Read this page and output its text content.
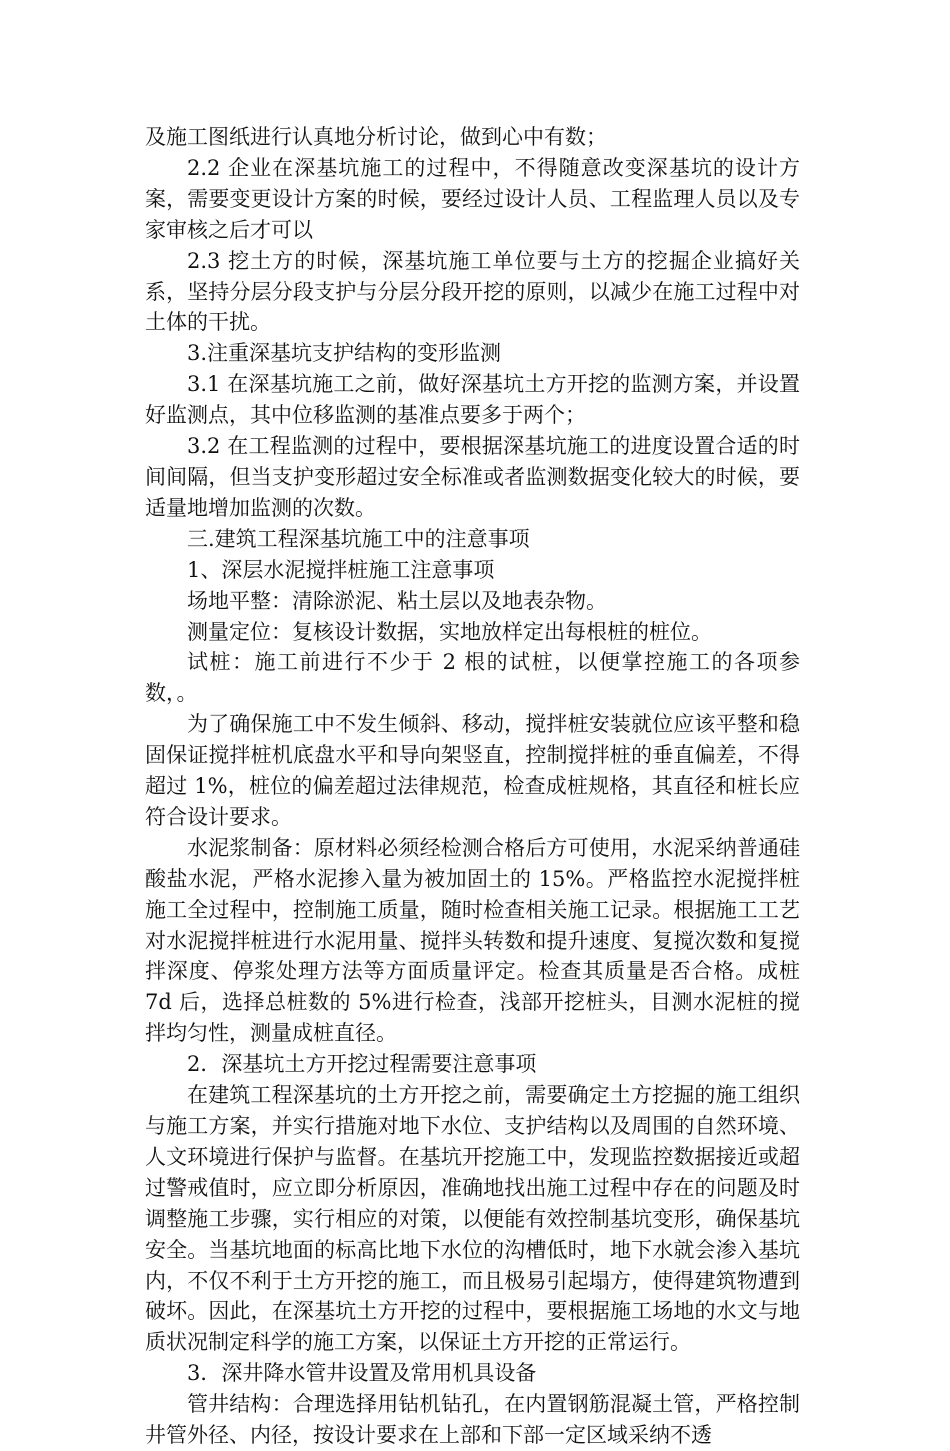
及施工图纸进行认真地分析讨论，做到心中有数；

2.2 企业在深基坑施工的过程中，不得随意改变深基坑的设计方案，需要变更设计方案的时候，要经过设计人员、工程监理人员以及专家审核之后才可以

2.3 挖土方的时候，深基坑施工单位要与土方的挖掘企业搞好关系，坚持分层分段支护与分层分段开挖的原则，以减少在施工过程中对土体的干扰。

3.注重深基坑支护结构的变形监测

3.1 在深基坑施工之前，做好深基坑土方开挖的监测方案，并设置好监测点，其中位移监测的基准点要多于两个；

3.2 在工程监测的过程中，要根据深基坑施工的进度设置合适的时间间隔，但当支护变形超过安全标准或者监测数据变化较大的时候，要适量地增加监测的次数。

三.建筑工程深基坑施工中的注意事项

1、深层水泥搅拌桩施工注意事项

场地平整：清除淤泥、粘土层以及地表杂物。

测量定位：复核设计数据，实地放样定出每根桩的桩位。

试桩：施工前进行不少于 2 根的试桩，以便掌控施工的各项参数，。

为了确保施工中不发生倾斜、移动，搅拌桩安装就位应该平整和稳固保证搅拌桩机底盘水平和导向架竖直，控制搅拌桩的垂直偏差，不得超过 1%，桩位的偏差超过法律规范，检查成桩规格，其直径和桩长应符合设计要求。

水泥浆制备：原材料必须经检测合格后方可使用，水泥采纳普通硅酸盐水泥，严格水泥掺入量为被加固土的 15%。严格监控水泥搅拌桩施工全过程中，控制施工质量，随时检查相关施工记录。根据施工工艺对水泥搅拌桩进行水泥用量、搅拌头转数和提升速度、复搅次数和复搅拌深度、停浆处理方法等方面质量评定。检查其质量是否合格。成桩 7d 后，选择总桩数的 5%进行检查，浅部开挖桩头，目测水泥桩的搅拌均匀性，测量成桩直径。

2．深基坑土方开挖过程需要注意事项

在建筑工程深基坑的土方开挖之前，需要确定土方挖掘的施工组织与施工方案，并实行措施对地下水位、支护结构以及周围的自然环境、人文环境进行保护与监督。在基坑开挖施工中，发现监控数据接近或超过警戒值时，应立即分析原因，准确地找出施工过程中存在的问题及时调整施工步骤，实行相应的对策，以便能有效控制基坑变形，确保基坑安全。当基坑地面的标高比地下水位的沟槽低时，地下水就会渗入基坑内，不仅不利于土方开挖的施工，而且极易引起塌方，使得建筑物遭到破坏。因此，在深基坑土方开挖的过程中，要根据施工场地的水文与地质状况制定科学的施工方案，以保证土方开挖的正常运行。

3．深井降水管井设置及常用机具设备

管井结构：合理选择用钻机钻孔，在内置钢筋混凝土管，严格控制井管外径、内径，按设计要求在上部和下部一定区域采纳不透
